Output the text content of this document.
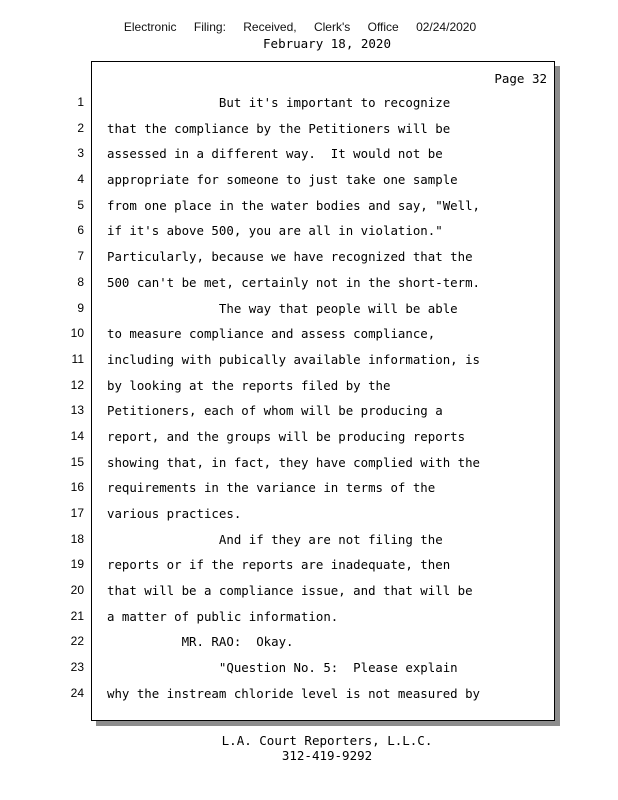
Electronic Filing: Received, Clerk's Office 02/24/2020
February 18, 2020
Page 32
1
2
3
4
5
6
7
8
9
10
11
12
13
14
15
16
17
18
19
20
21
22
23
24
But it's important to recognize
that the compliance by the Petitioners will be
assessed in a different way.  It would not be
appropriate for someone to just take one sample
from one place in the water bodies and say, "Well,
if it's above 500, you are all in violation."
Particularly, because we have recognized that the
500 can't be met, certainly not in the short-term.
The way that people will be able
to measure compliance and assess compliance,
including with pubically available information, is
by looking at the reports filed by the
Petitioners, each of whom will be producing a
report, and the groups will be producing reports
showing that, in fact, they have complied with the
requirements in the variance in terms of the
various practices.
And if they are not filing the
reports or if the reports are inadequate, then
that will be a compliance issue, and that will be
a matter of public information.
MR. RAO:  Okay.
"Question No. 5:  Please explain
why the instream chloride level is not measured by
L.A. Court Reporters, L.L.C.
312-419-9292
